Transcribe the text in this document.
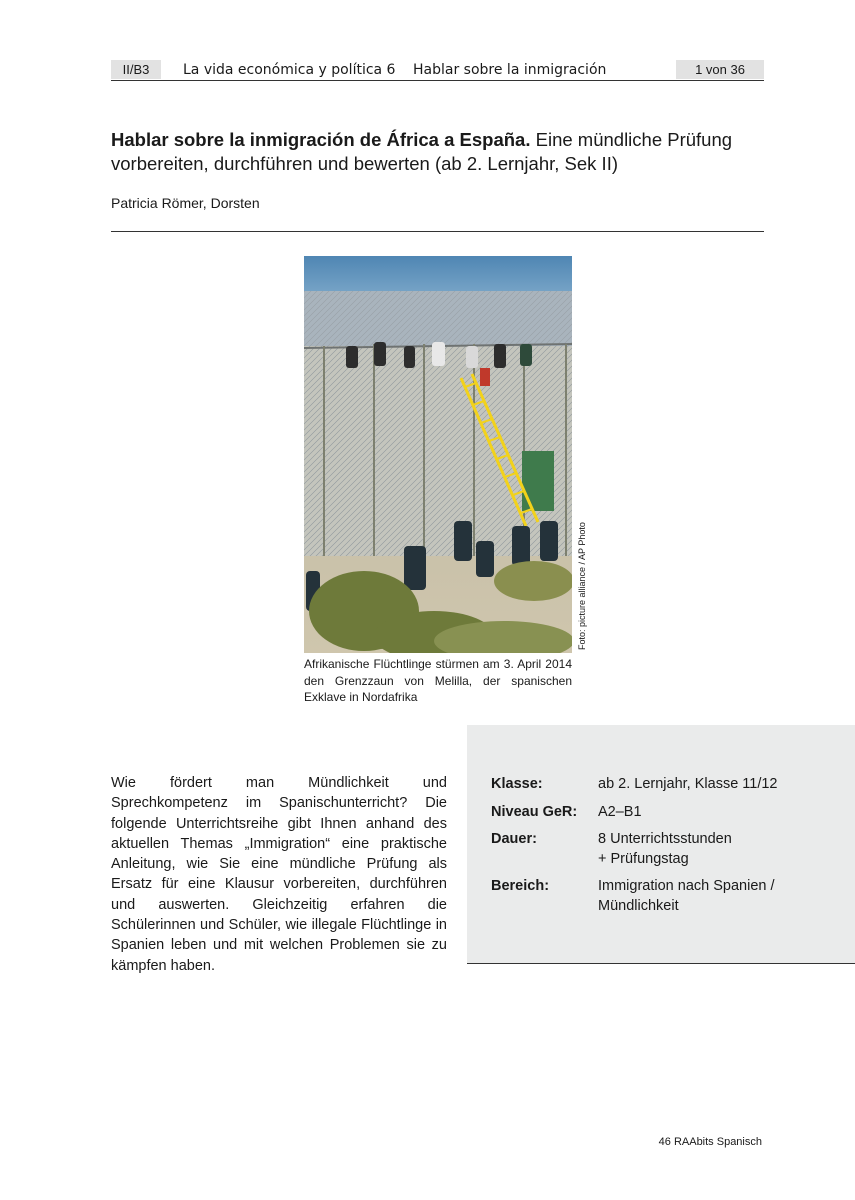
II/B3	La vida económica y política 6 Hablar sobre la inmigración	1 von 36
Hablar sobre la inmigración de África a España. Eine mündliche Prüfung vorbereiten, durchführen und bewerten (ab 2. Lernjahr, Sek II)
Patricia Römer, Dorsten
Foto: picture alliance / AP Photo
Afrikanische Flüchtlinge stürmen am 3. April 2014 den Grenzzaun von Melilla, der spanischen Exklave in Nordafrika
Klasse:	ab 2. Lernjahr, Klasse 11/12
Niveau GeR:	A2–B1
Dauer:	8 Unterrichtsstunden
+ Prüfungstag
Bereich:	Immigration nach Spanien /
Mündlichkeit
Wie fördert man Mündlichkeit und Sprechkompetenz im Spanischunterricht? Die folgende Unterrichtsreihe gibt Ihnen anhand des aktuellen Themas „Immigration“ eine praktische Anleitung, wie Sie eine mündliche Prüfung als Ersatz für eine Klausur vorbereiten, durchführen und auswerten. Gleichzeitig erfahren die Schülerinnen und Schüler, wie illegale Flüchtlinge in Spanien leben und mit welchen Problemen sie zu kämpfen haben.
46 RAAbits Spanisch
